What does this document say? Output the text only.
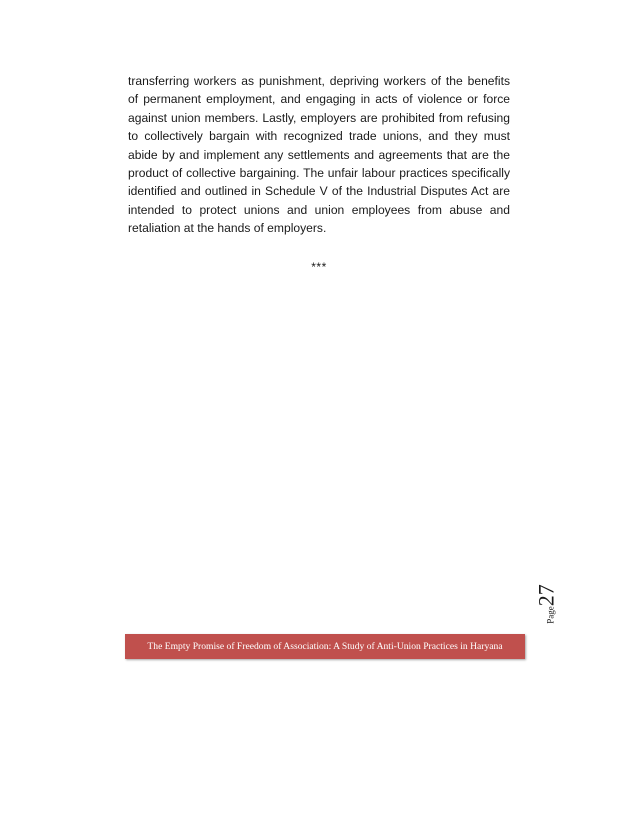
transferring workers as punishment, depriving workers of the benefits of permanent employment, and engaging in acts of violence or force against union members. Lastly, employers are prohibited from refusing to collectively bargain with recognized trade unions, and they must abide by and implement any settlements and agreements that are the product of collective bargaining. The unfair labour practices specifically identified and outlined in Schedule V of the Industrial Disputes Act are intended to protect unions and union employees from abuse and retaliation at the hands of employers.

***
Page27
The Empty Promise of Freedom of Association: A Study of Anti-Union Practices in Haryana
